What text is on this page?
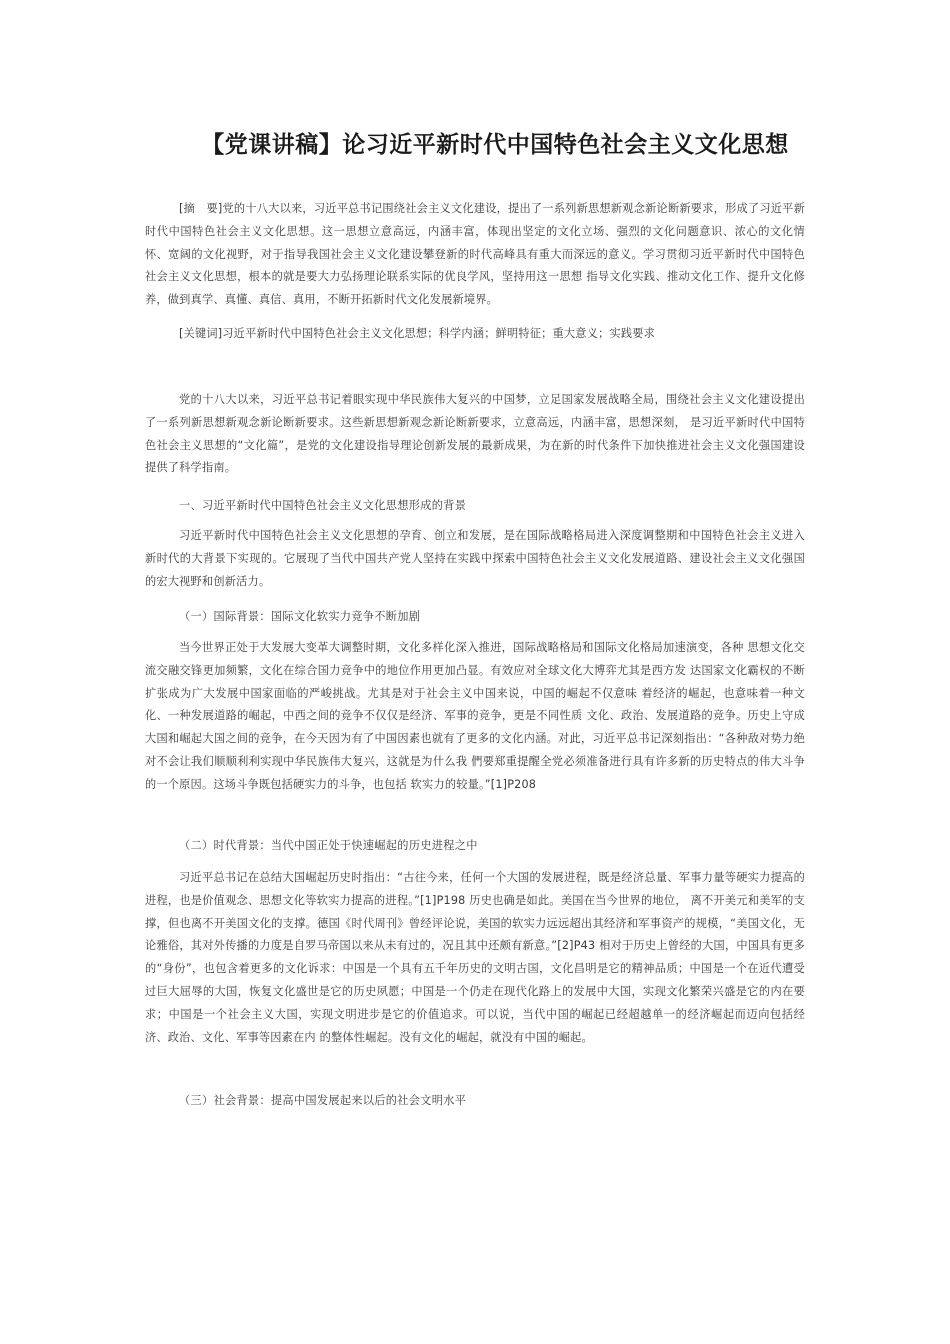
【党课讲稿】论习近平新时代中国特色社会主义文化思想

[摘　要]党的十八大以来，习近平总书记围绕社会主义文化建设，提出了一系列新思想新观念新论断新要求，形成了习近平新时代中国特色社会主义文化思想。这一思想立意高远，内涵丰富，体现出坚定的文化立场、强烈的文化问题意识、浓心的文化情怀、宽阔的文化视野，对于指导我国社会主义文化建设攀登新的时代高峰具有重大而深远的意义。学习贯彻习近平新时代中国特色社会主义文化思想，根本的就是要大力弘扬理论联系实际的优良学风，坚持用这一思想 指导文化实践、推动文化工作、提升文化修养，做到真学、真懂、真信、真用，不断开拓新时代文化发展新境界。

[关键词]习近平新时代中国特色社会主义文化思想；科学内涵；鲜明特征；重大意义；实践要求

党的十八大以来，习近平总书记着眼实现中华民族伟大复兴的中国梦，立足国家发展战略全局，围绕社会主义文化建设提出了一系列新思想新观念新论断新要求。这些新思想新观念新论断新要求，立意高远，内涵丰富，思想深刻， 是习近平新时代中国特色社会主义思想的“文化篇”，是党的文化建设指导理论创新发展的最新成果，为在新的时代条件下加快推进社会主义文化强国建设提供了科学指南。

一、习近平新时代中国特色社会主义文化思想形成的背景

习近平新时代中国特色社会主义文化思想的孕育、创立和发展，是在国际战略格局进入深度调整期和中国特色社会主义进入新时代的大背景下实现的。它展现了当代中国共产党人坚持在实践中探索中国特色社会主义文化发展道路、建设社会主义文化强国的宏大视野和创新活力。

（一）国际背景：国际文化软实力竞争不断加剧

当今世界正处于大发展大变革大调整时期，文化多样化深入推进，国际战略格局和国际文化格局加速演变，各种 思想文化交流交融交锋更加频繁，文化在综合国力竞争中的地位作用更加凸显。有效应对全球文化大博弈尤其是西方发 达国家文化霸权的不断扩张成为广大发展中国家面临的严峻挑战。尤其是对于社会主义中国来说，中国的崛起不仅意味 着经济的崛起，也意味着一种文化、一种发展道路的崛起，中西之间的竞争不仅仅是经济、军事的竞争，更是不同性质 文化、政治、发展道路的竞争。历史上守成大国和崛起大国之间的竞争，在今天因为有了中国因素也就有了更多的文化内涵。对此，习近平总书记深刻指出：“各种敌对势力绝对不会让我们顺顺利利实现中华民族伟大复兴，这就是为什么我 們要郑重提醒全党必须准备进行具有许多新的历史特点的伟大斗争的一个原因。这场斗争既包括硬实力的斗争，也包括 软实力的较量。”[1]P208

（二）时代背景：当代中国正处于快速崛起的历史进程之中

习近平总书记在总结大国崛起历史时指出：“古往今来，任何一个大国的发展进程，既是经济总量、军事力量等硬实力提高的进程，也是价值观念、思想文化等软实力提高的进程。”[1]P198 历史也确是如此。美国在当今世界的地位， 离不开美元和美军的支撑，但也离不开美国文化的支撑。德国《时代周刊》曾经评论说，美国的软实力远远超出其经济和军事资产的规模，“美国文化，无论雅俗，其对外传播的力度是自罗马帝国以来从未有过的，况且其中还颇有新意。”[2]P43 相对于历史上曾经的大国，中国具有更多的“身份”，也包含着更多的文化诉求：中国是一个具有五千年历史的文明古国，文化昌明是它的精神品质；中国是一个在近代遭受过巨大屈辱的大国，恢复文化盛世是它的历史夙愿；中国是一个仍走在现代化路上的发展中大国，实现文化繁荣兴盛是它的内在要求；中国是一个社会主义大国，实现文明进步是它的价值追求。可以说，当代中国的崛起已经超越单一的经济崛起而迈向包括经济、政治、文化、军事等因素在内 的整体性崛起。没有文化的崛起，就没有中国的崛起。

（三）社会背景：提高中国发展起来以后的社会文明水平
